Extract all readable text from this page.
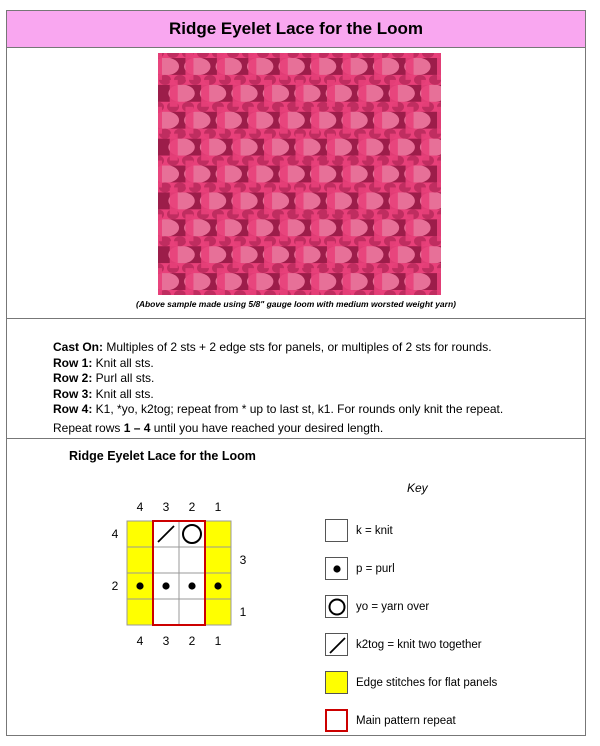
Ridge Eyelet Lace for the Loom
(Above sample made using 5/8" gauge loom with medium worsted weight yarn)
Cast On: Multiples of 2 sts + 2 edge sts for panels, or multiples of 2 sts for rounds.
Row 1: Knit all sts.
Row 2: Purl all sts.
Row 3: Knit all sts.
Row 4: K1, *yo, k2tog; repeat from * up to last st, k1. For rounds only knit the repeat.
Repeat rows 1 – 4 until you have reached your desired length.
Ridge Eyelet Lace for the Loom
4
4
3
3
2
2
1
1
4
2
3
1
Key
k = knit
p = purl
yo = yarn over
k2tog = knit two together
Edge stitches for flat panels
Main pattern repeat
